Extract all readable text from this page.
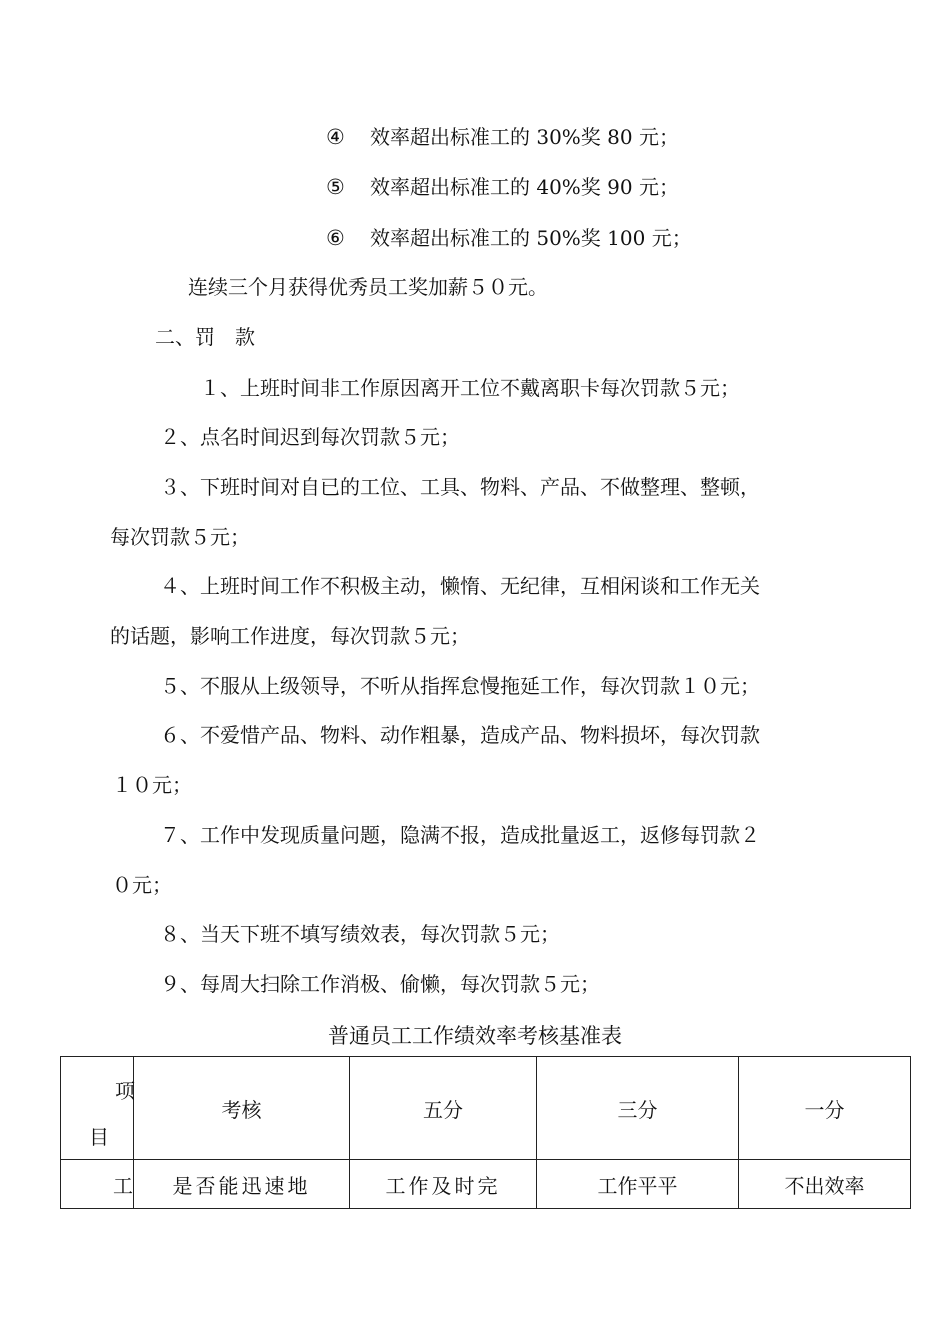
④ 效率超出标准工的 30%奖 80 元；
⑤ 效率超出标准工的 40%奖 90 元；
⑥ 效率超出标准工的 50%奖 100 元；
连续三个月获得优秀员工奖加薪５０元。
二、罚　款
１、上班时间非工作原因离开工位不戴离职卡每次罚款５元；
２、点名时间迟到每次罚款５元；
３、下班时间对自已的工位、工具、物料、产品、不做整理、整顿，
每次罚款５元；
４、上班时间工作不积极主动，懒惰、无纪律，互相闲谈和工作无关
的话题，影响工作进度，每次罚款５元；
５、不服从上级领导，不听从指挥怠慢拖延工作，每次罚款１０元；
６、不爱惜产品、物料、动作粗暴，造成产品、物料损坏，每次罚款
１０元；
７、工作中发现质量问题，隐满不报，造成批量返工，返修每罚款２
０元；
８、当天下班不填写绩效表，每次罚款５元；
９、每周大扫除工作消极、偷懒，每次罚款５元；
普通员工工作绩效率考核基准表
项
目	考核	五分	三分	一分
工	是否能迅速地	工作及时完	工作平平	不出效率
